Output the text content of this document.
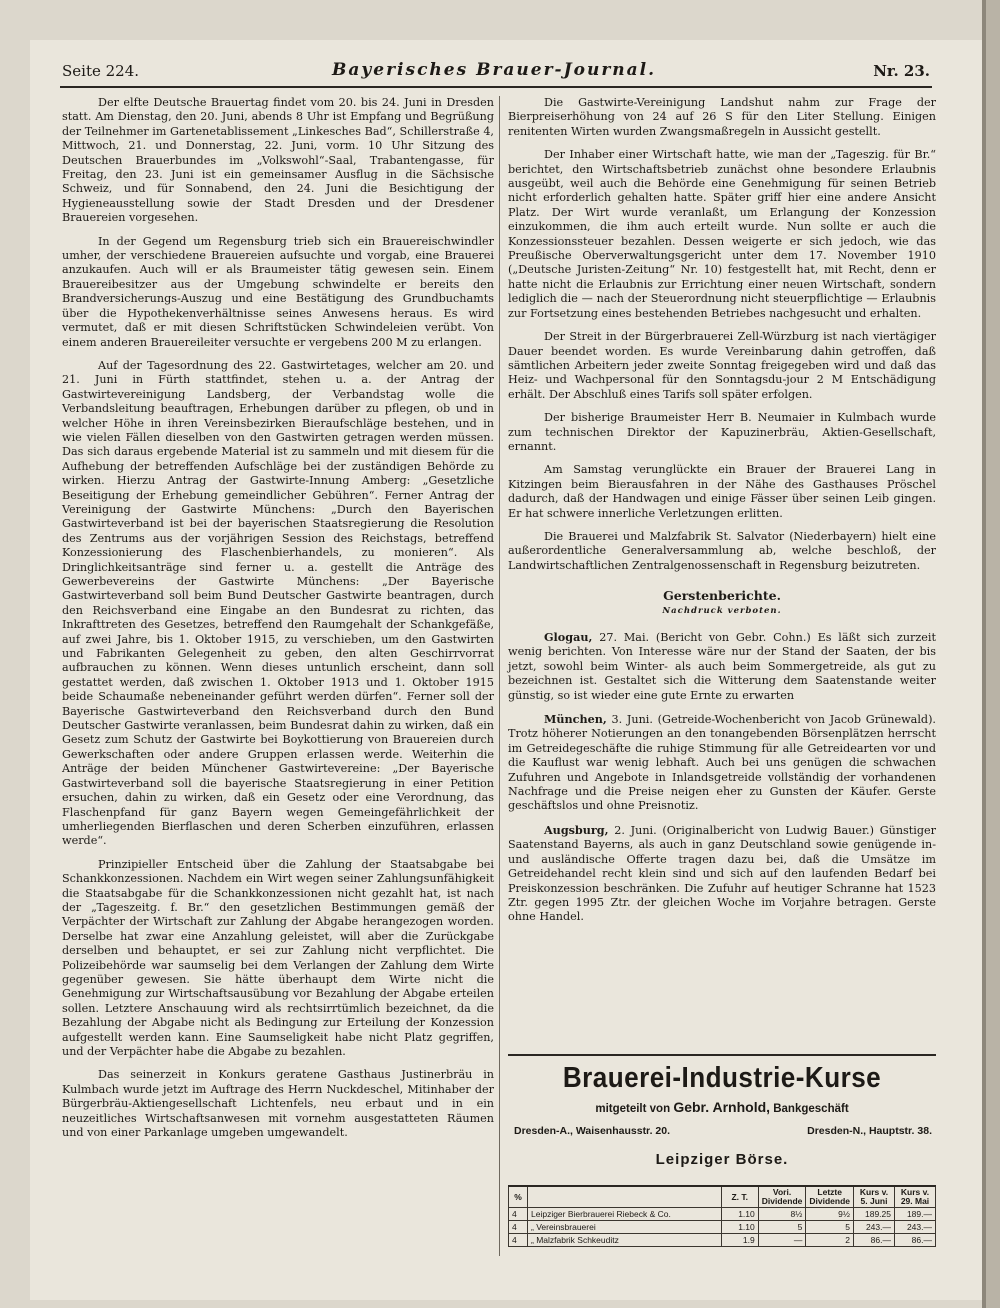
Seite 224.	Bayerisches Brauer-Journal.	Nr. 23.

Der elfte Deutsche Brauertag findet vom 20. bis 24. Juni in Dresden statt. Am Dienstag, den 20. Juni, abends 8 Uhr ist Empfang und Begrüßung der Teilnehmer im Gartenetablissement „Linkesches Bad“, Schillerstraße 4, Mittwoch, 21. und Donnerstag, 22. Juni, vorm. 10 Uhr Sitzung des Deutschen Brauerbundes im „Volkswohl“-Saal, Trabantengasse, für Freitag, den 23. Juni ist ein gemeinsamer Ausflug in die Sächsische Schweiz, und für Sonnabend, den 24. Juni die Besichtigung der Hygieneausstellung sowie der Stadt Dresden und der Dresdener Brauereien vorgesehen.

In der Gegend um Regensburg trieb sich ein Brauereischwindler umher, der verschiedene Brauereien aufsuchte und vorgab, eine Brauerei anzukaufen. Auch will er als Braumeister tätig gewesen sein. Einem Brauereibesitzer aus der Umgebung schwindelte er bereits den Brandversicherungs-Auszug und eine Bestätigung des Grundbuchamts über die Hypothekenverhältnisse seines Anwesens heraus. Es wird vermutet, daß er mit diesen Schriftstücken Schwindeleien verübt. Von einem anderen Brauereileiter versuchte er vergebens 200 M zu erlangen.

Auf der Tagesordnung des 22. Gastwirtetages, welcher am 20. und 21. Juni in Fürth stattfindet, stehen u. a. der Antrag der Gastwirtevereinigung Landsberg, der Verbandstag wolle die Verbandsleitung beauftragen, Erhebungen darüber zu pflegen, ob und in welcher Höhe in ihren Vereinsbezirken Bieraufschläge bestehen, und in wie vielen Fällen dieselben von den Gastwirten getragen werden müssen. Das sich daraus ergebende Material ist zu sammeln und mit diesem für die Aufhebung der betreffenden Aufschläge bei der zuständigen Behörde zu wirken. Hierzu Antrag der Gastwirte-Innung Amberg: „Gesetzliche Beseitigung der Erhebung gemeindlicher Gebühren“. Ferner Antrag der Vereinigung der Gastwirte Münchens: „Durch den Bayerischen Gastwirteverband ist bei der bayerischen Staatsregierung die Resolution des Zentrums aus der vorjährigen Session des Reichstags, betreffend Konzessionierung des Flaschenbierhandels, zu monieren“. Als Dringlichkeitsanträge sind ferner u. a. gestellt die Anträge des Gewerbevereins der Gastwirte Münchens: „Der Bayerische Gastwirteverband soll beim Bund Deutscher Gastwirte beantragen, durch den Reichsverband eine Eingabe an den Bundesrat zu richten, das Inkrafttreten des Gesetzes, betreffend den Raumgehalt der Schankgefäße, auf zwei Jahre, bis 1. Oktober 1915, zu verschieben, um den Gastwirten und Fabrikanten Gelegenheit zu geben, den alten Geschirrvorrat aufbrauchen zu können. Wenn dieses untunlich erscheint, dann soll gestattet werden, daß zwischen 1. Oktober 1913 und 1. Oktober 1915 beide Schaumaße nebeneinander geführt werden dürfen“. Ferner soll der Bayerische Gastwirteverband den Reichsverband durch den Bund Deutscher Gastwirte veranlassen, beim Bundesrat dahin zu wirken, daß ein Gesetz zum Schutz der Gastwirte bei Boykottierung von Brauereien durch Gewerkschaften oder andere Gruppen erlassen werde. Weiterhin die Anträge der beiden Münchener Gastwirtevereine: „Der Bayerische Gastwirteverband soll die bayerische Staatsregierung in einer Petition ersuchen, dahin zu wirken, daß ein Gesetz oder eine Verordnung, das Flaschenpfand für ganz Bayern wegen Gemeingefährlichkeit der umherliegenden Bierflaschen und deren Scherben einzuführen, erlassen werde“.

Prinzipieller Entscheid über die Zahlung der Staatsabgabe bei Schankkonzessionen. Nachdem ein Wirt wegen seiner Zahlungsunfähigkeit die Staatsabgabe für die Schankkonzessionen nicht gezahlt hat, ist nach der „Tageszeitg. f. Br.“ den gesetzlichen Bestimmungen gemäß der Verpächter der Wirtschaft zur Zahlung der Abgabe herangezogen worden. Derselbe hat zwar eine Anzahlung geleistet, will aber die Zurückgabe derselben und behauptet, er sei zur Zahlung nicht verpflichtet. Die Polizeibehörde war saumselig bei dem Verlangen der Zahlung dem Wirte gegenüber gewesen. Sie hätte überhaupt dem Wirte nicht die Genehmigung zur Wirtschaftsausübung vor Bezahlung der Abgabe erteilen sollen. Letztere Anschauung wird als rechtsirrtümlich bezeichnet, da die Bezahlung der Abgabe nicht als Bedingung zur Erteilung der Konzession aufgestellt werden kann. Eine Saumseligkeit habe nicht Platz gegriffen, und der Verpächter habe die Abgabe zu bezahlen.

Das seinerzeit in Konkurs geratene Gasthaus Justinerbräu in Kulmbach wurde jetzt im Auftrage des Herrn Nuckdeschel, Mitinhaber der Bürgerbräu-Aktiengesellschaft Lichtenfels, neu erbaut und in ein neuzeitliches Wirtschaftsanwesen mit vornehm ausgestatteten Räumen und von einer Parkanlage umgeben umgewandelt.

Die Gastwirte-Vereinigung Landshut nahm zur Frage der Bierpreiserhöhung von 24 auf 26 S für den Liter Stellung. Einigen renitenten Wirten wurden Zwangsmaßregeln in Aussicht gestellt.

Der Inhaber einer Wirtschaft hatte, wie man der „Tageszig. für Br.“ berichtet, den Wirtschaftsbetrieb zunächst ohne besondere Erlaubnis ausgeübt, weil auch die Behörde eine Genehmigung für seinen Betrieb nicht erforderlich gehalten hatte. Später griff hier eine andere Ansicht Platz. Der Wirt wurde veranlaßt, um Erlangung der Konzession einzukommen, die ihm auch erteilt wurde. Nun sollte er auch die Konzessionssteuer bezahlen. Dessen weigerte er sich jedoch, wie das Preußische Oberverwaltungsgericht unter dem 17. November 1910 („Deutsche Juristen-Zeitung“ Nr. 10) festgestellt hat, mit Recht, denn er hatte nicht die Erlaubnis zur Errichtung einer neuen Wirtschaft, sondern lediglich die — nach der Steuerordnung nicht steuerpflichtige — Erlaubnis zur Fortsetzung eines bestehenden Betriebes nachgesucht und erhalten.

Der Streit in der Bürgerbrauerei Zell-Würzburg ist nach viertägiger Dauer beendet worden. Es wurde Vereinbarung dahin getroffen, daß sämtlichen Arbeitern jeder zweite Sonntag freigegeben wird und daß das Heiz- und Wachpersonal für den Sonntagsdu-jour 2 M Entschädigung erhält. Der Abschluß eines Tarifs soll später erfolgen.

Der bisherige Braumeister Herr B. Neumaier in Kulmbach wurde zum technischen Direktor der Kapuzinerbräu, Aktien-Gesellschaft, ernannt.

Am Samstag verunglückte ein Brauer der Brauerei Lang in Kitzingen beim Bierausfahren in der Nähe des Gasthauses Pröschel dadurch, daß der Handwagen und einige Fässer über seinen Leib gingen. Er hat schwere innerliche Verletzungen erlitten.

Die Brauerei und Malzfabrik St. Salvator (Niederbayern) hielt eine außerordentliche Generalversammlung ab, welche beschloß, der Landwirtschaftlichen Zentralgenossenschaft in Regensburg beizutreten.

Gerstenberichte.
Nachdruck verboten.

Glogau, 27. Mai. (Bericht von Gebr. Cohn.) Es läßt sich zurzeit wenig berichten. Von Interesse wäre nur der Stand der Saaten, der bis jetzt, sowohl beim Winter- als auch beim Sommergetreide, als gut zu bezeichnen ist. Gestaltet sich die Witterung dem Saatenstande weiter günstig, so ist wieder eine gute Ernte zu erwarten

München, 3. Juni. (Getreide-Wochenbericht von Jacob Grünewald). Trotz höherer Notierungen an den tonangebenden Börsenplätzen herrscht im Getreidegeschäfte die ruhige Stimmung für alle Getreidearten vor und die Kauflust war wenig lebhaft. Auch bei uns genügen die schwachen Zufuhren und Angebote in Inlandsgetreide vollständig der vorhandenen Nachfrage und die Preise neigen eher zu Gunsten der Käufer. Gerste geschäftslos und ohne Preisnotiz.

Augsburg, 2. Juni. (Originalbericht von Ludwig Bauer.) Günstiger Saatenstand Bayerns, als auch in ganz Deutschland sowie genügende in- und ausländische Offerte tragen dazu bei, daß die Umsätze im Getreidehandel recht klein sind und sich auf den laufenden Bedarf bei Preiskonzession beschränken. Die Zufuhr auf heutiger Schranne hat 1523 Ztr. gegen 1995 Ztr. der gleichen Woche im Vorjahre betragen. Gerste ohne Handel.

Brauerei-Industrie-Kurse
mitgeteilt von Gebr. Arnhold, Bankgeschäft
Dresden-A., Waisenhausstr. 20.	Dresden-N., Hauptstr. 38.
Leipziger Börse.
%		Z. T.	Vori. Dividende	Letzte Dividende	Kurs v. 5. Juni	Kurs v. 29. Mai
4	Leipziger Bierbrauerei Riebeck & Co.	1.10	8½	9½	189.25	189.—
4	„ Vereinsbrauerei	1.10	5	5	243.—	243.—
4	„ Malzfabrik Schkeuditz	1.9	—	2	86.—	86.—
